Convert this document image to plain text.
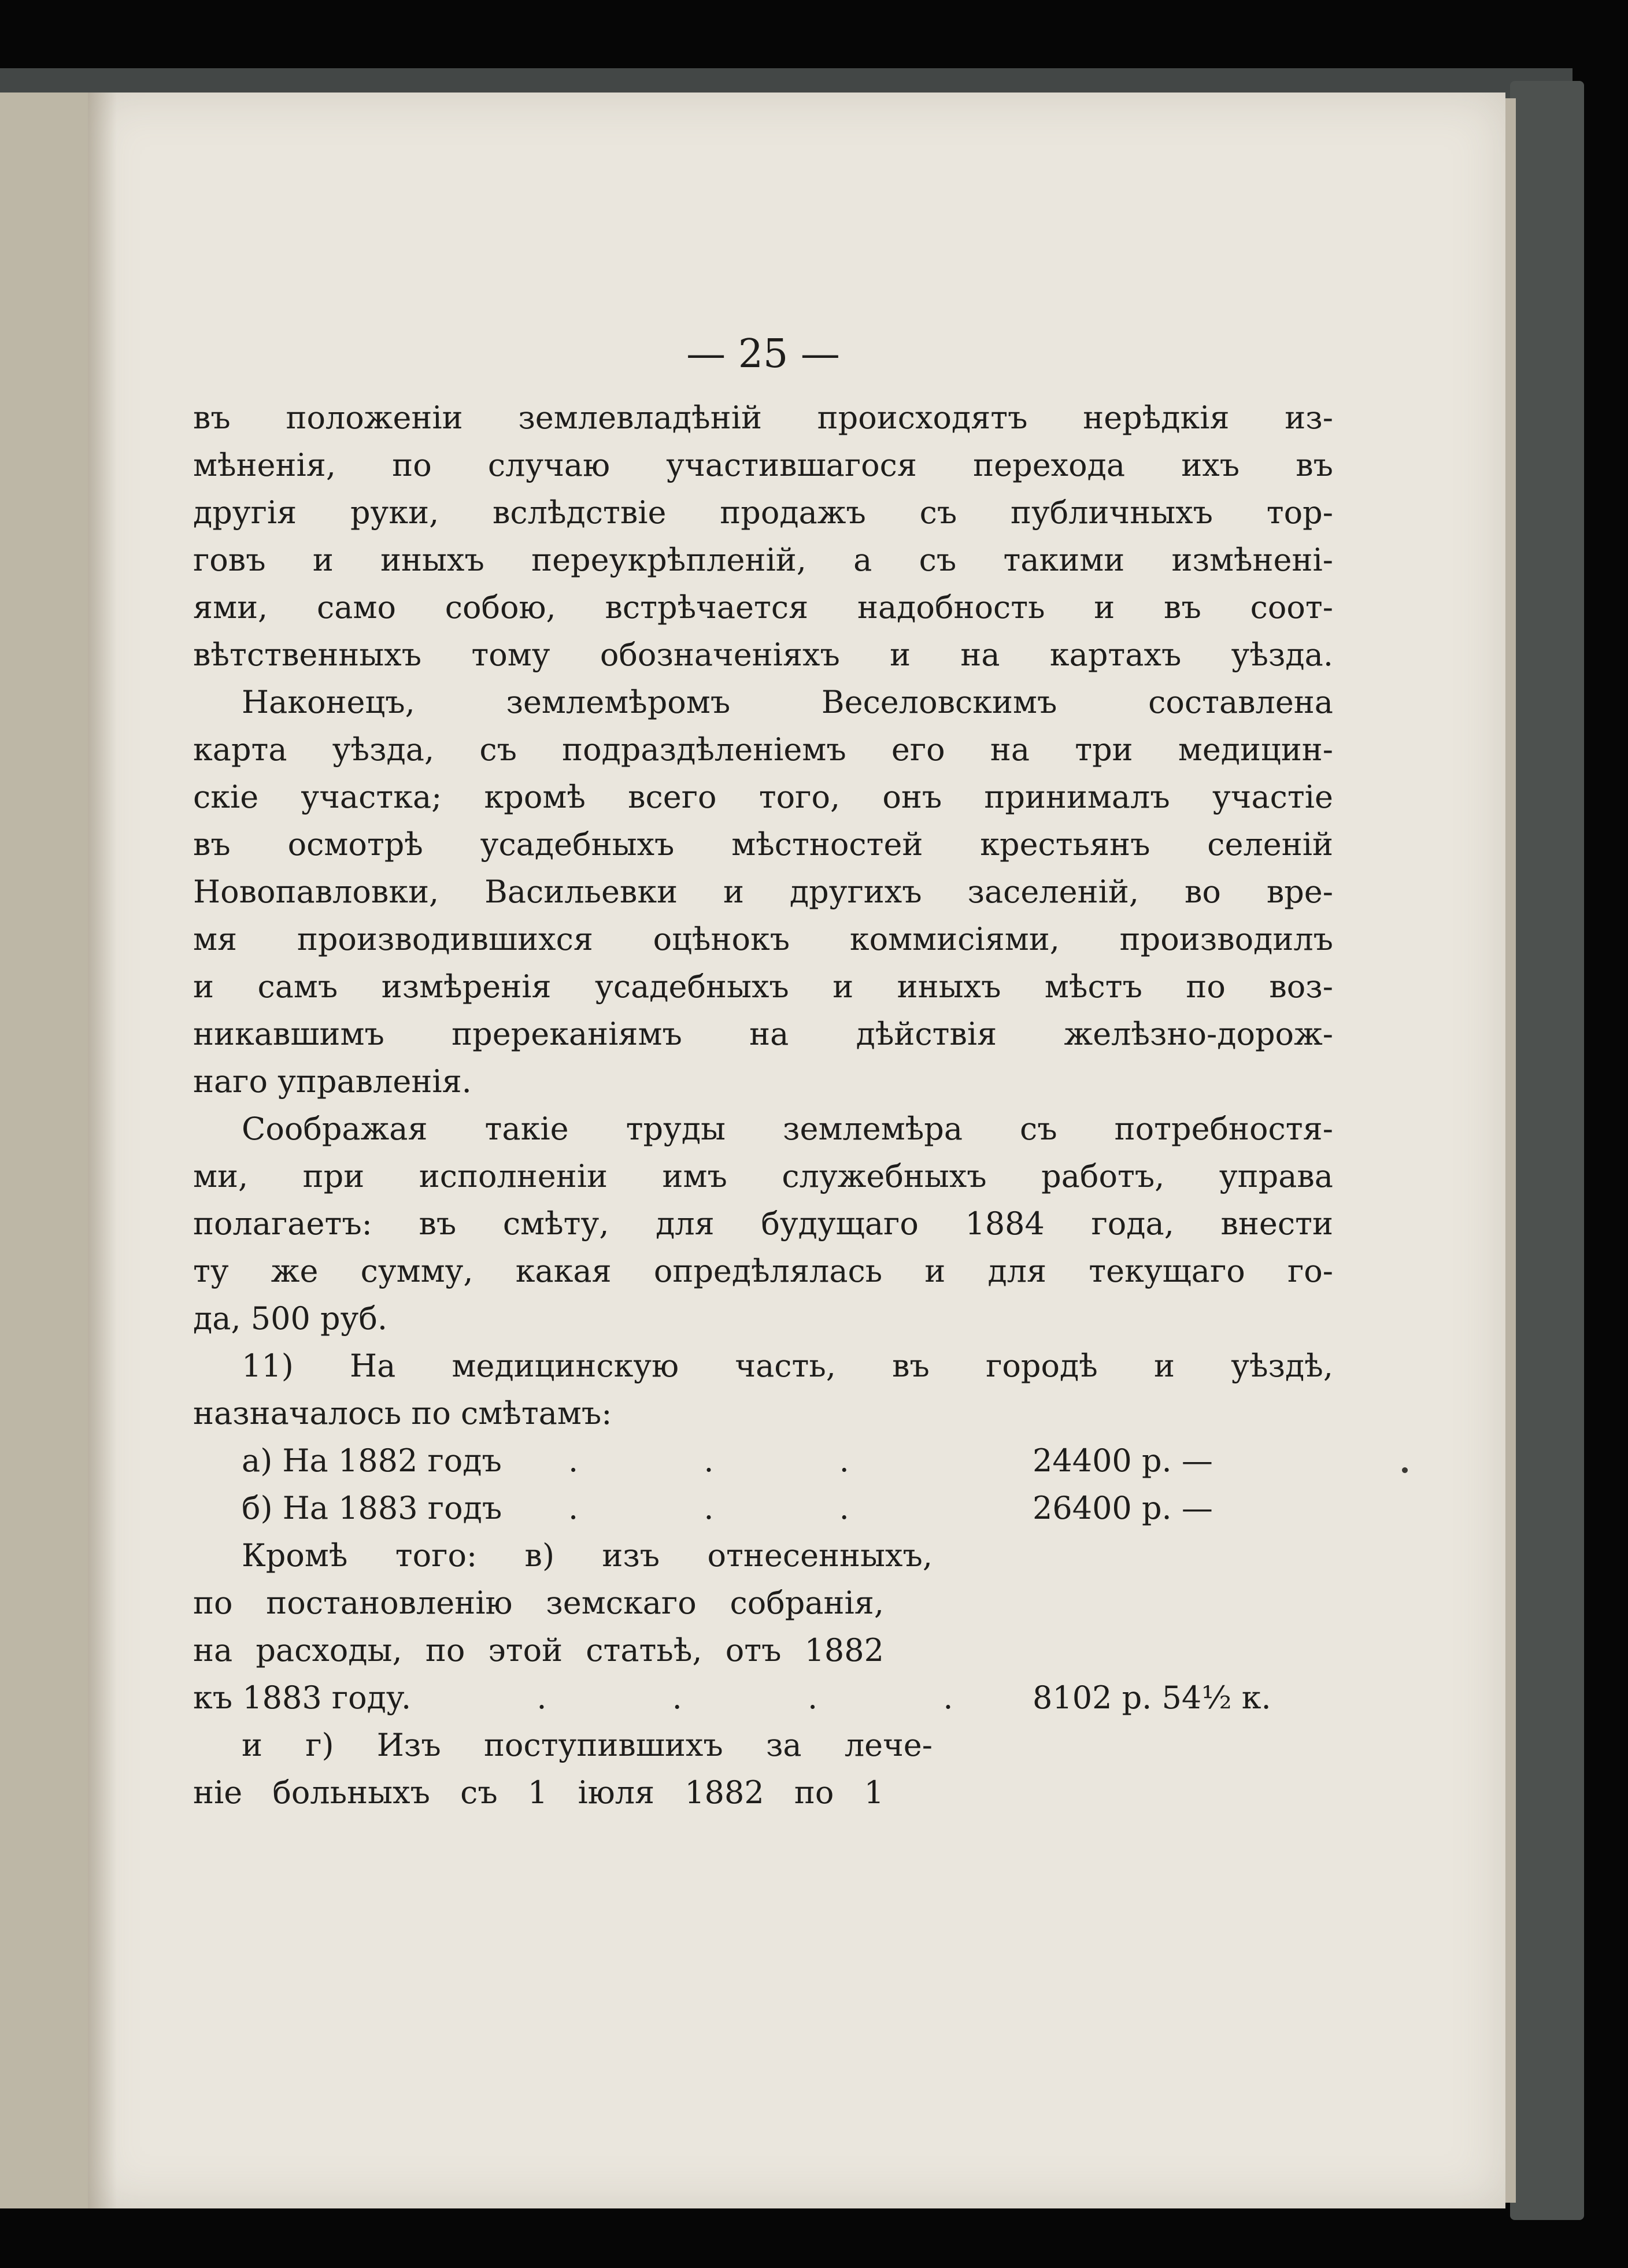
— 25 —
въ положеніи землевладѣній происходятъ нерѣдкія из-
мѣненія, по случаю участившагося перехода ихъ въ
другія руки, вслѣдствіе продажъ съ публичныхъ тор-
говъ и иныхъ переукрѣпленій, а съ такими измѣнені-
ями, само собою, встрѣчается надобность и въ соот-
вѣтственныхъ тому обозначеніяхъ и на картахъ уѣзда.
Наконецъ, землемѣромъ Веселовскимъ составлена
карта уѣзда, съ подраздѣленіемъ его на три медицин-
скіе участка; кромѣ всего того, онъ принималъ участіе
въ осмотрѣ усадебныхъ мѣстностей крестьянъ селеній
Новопавловки, Васильевки и другихъ заселеній, во вре-
мя производившихся оцѣнокъ коммисіями, производилъ
и самъ измѣренія усадебныхъ и иныхъ мѣстъ по воз-
никавшимъ пререканіямъ на дѣйствія желѣзно-дорож-
наго управленія.
Соображая такіе труды землемѣра съ потребностя-
ми, при исполненіи имъ служебныхъ работъ, управа
полагаетъ: въ смѣту, для будущаго 1884 года, внести
ту же сумму, какая опредѣлялась и для текущаго го-
да, 500 руб.
11) На медицинскую часть, въ городѣ и уѣздѣ,
назначалось по смѣтамъ:
а) На 1882 годъ	. . .	24400 р. —
б) На 1883 годъ	. . .	26400 р. —
Кромѣ того: в) изъ отнесенныхъ,
по постановленію земскаго собранія,
на расходы, по этой статьѣ, отъ 1882
къ 1883 году
. . . . . 8102 р. 54½ к.
и г) Изъ поступившихъ за лече-
ніе больныхъ съ 1 іюля 1882 по 1
